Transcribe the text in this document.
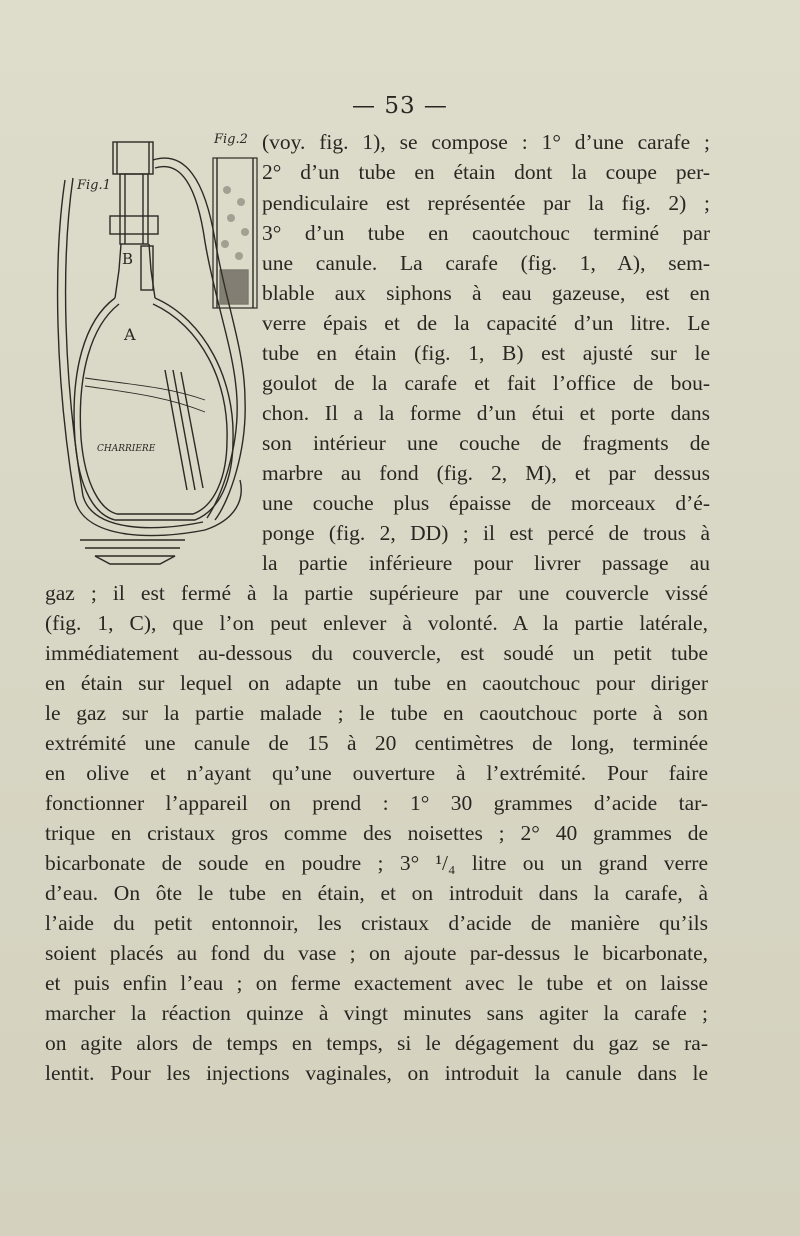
— 53 —
Fig.2
Fig.1
B
A
CHARRIERE
(voy. fig. 1), se compose : 1° d’une carafe ;
2° d’un tube en étain dont la coupe per-
pendiculaire est représentée par la fig. 2) ;
3° d’un tube en caoutchouc terminé par
une canule. La carafe (fig. 1, A), sem-
blable aux siphons à eau gazeuse, est en
verre épais et de la capacité d’un litre. Le
tube en étain (fig. 1, B) est ajusté sur le
goulot de la carafe et fait l’office de bou-
chon. Il a la forme d’un étui et porte dans
son intérieur une couche de fragments de
marbre au fond (fig. 2, M), et par dessus
une couche plus épaisse de morceaux d’é-
ponge (fig. 2, DD) ; il est percé de trous à
la partie inférieure pour livrer passage au
gaz ; il est fermé à la partie supérieure par une couvercle vissé
(fig. 1, C), que l’on peut enlever à volonté. A la partie latérale,
immédiatement au-dessous du couvercle, est soudé un petit tube
en étain sur lequel on adapte un tube en caoutchouc pour diriger
le gaz sur la partie malade ; le tube en caoutchouc porte à son
extrémité une canule de 15 à 20 centimètres de long, terminée
en olive et n’ayant qu’une ouverture à l’extrémité. Pour faire
fonctionner l’appareil on prend : 1° 30 grammes d’acide tar-
trique en cristaux gros comme des noisettes ; 2° 40 grammes de
bicarbonate de soude en poudre ; 3° ¹/₄ litre ou un grand verre
d’eau. On ôte le tube en étain, et on introduit dans la carafe, à
l’aide du petit entonnoir, les cristaux d’acide de manière qu’ils
soient placés au fond du vase ; on ajoute par-dessus le bicarbonate,
et puis enfin l’eau ; on ferme exactement avec le tube et on laisse
marcher la réaction quinze à vingt minutes sans agiter la carafe ;
on agite alors de temps en temps, si le dégagement du gaz se ra-
lentit. Pour les injections vaginales, on introduit la canule dans le
